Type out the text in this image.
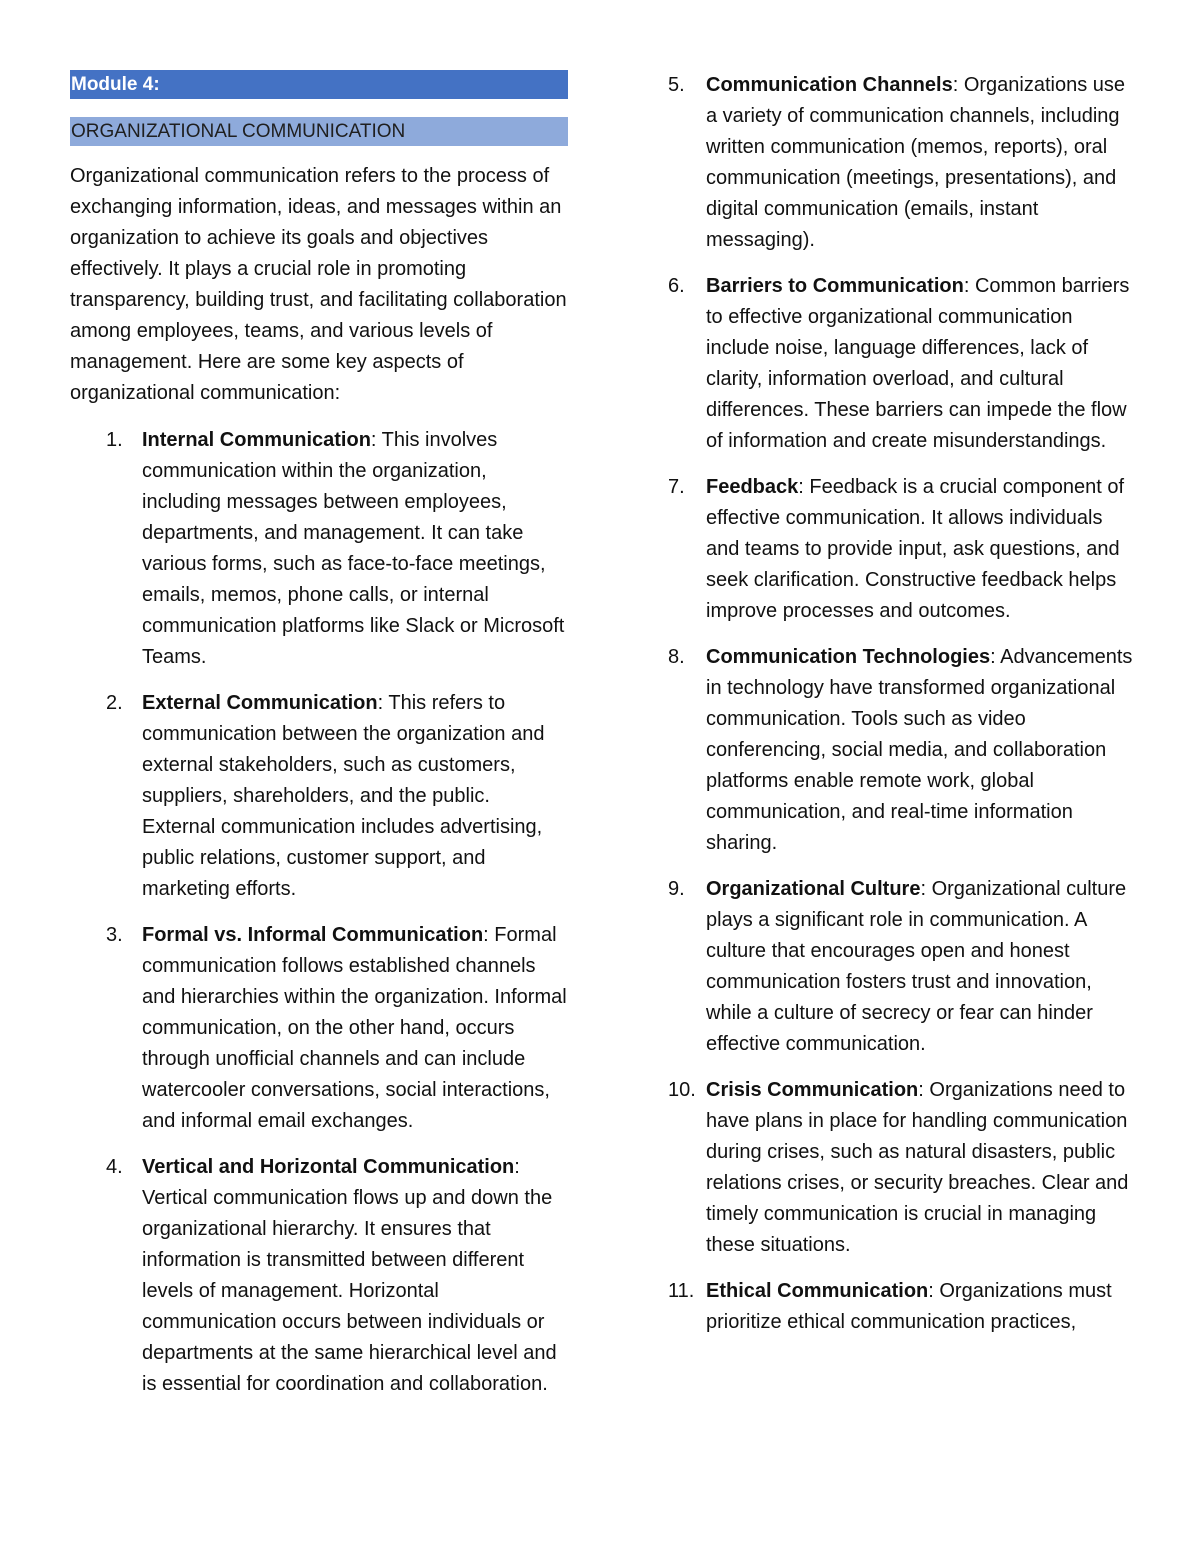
Module 4:
ORGANIZATIONAL COMMUNICATION

Organizational communication refers to the process of exchanging information, ideas, and messages within an organization to achieve its goals and objectives effectively. It plays a crucial role in promoting transparency, building trust, and facilitating collaboration among employees, teams, and various levels of management. Here are some key aspects of organizational communication:

1. Internal Communication: This involves communication within the organization, including messages between employees, departments, and management. It can take various forms, such as face-to-face meetings, emails, memos, phone calls, or internal communication platforms like Slack or Microsoft Teams.
2. External Communication: This refers to communication between the organization and external stakeholders, such as customers, suppliers, shareholders, and the public. External communication includes advertising, public relations, customer support, and marketing efforts.
3. Formal vs. Informal Communication: Formal communication follows established channels and hierarchies within the organization. Informal communication, on the other hand, occurs through unofficial channels and can include watercooler conversations, social interactions, and informal email exchanges.
4. Vertical and Horizontal Communication: Vertical communication flows up and down the organizational hierarchy. It ensures that information is transmitted between different levels of management. Horizontal communication occurs between individuals or departments at the same hierarchical level and is essential for coordination and collaboration.
5. Communication Channels: Organizations use a variety of communication channels, including written communication (memos, reports), oral communication (meetings, presentations), and digital communication (emails, instant messaging).
6. Barriers to Communication: Common barriers to effective organizational communication include noise, language differences, lack of clarity, information overload, and cultural differences. These barriers can impede the flow of information and create misunderstandings.
7. Feedback: Feedback is a crucial component of effective communication. It allows individuals and teams to provide input, ask questions, and seek clarification. Constructive feedback helps improve processes and outcomes.
8. Communication Technologies: Advancements in technology have transformed organizational communication. Tools such as video conferencing, social media, and collaboration platforms enable remote work, global communication, and real-time information sharing.
9. Organizational Culture: Organizational culture plays a significant role in communication. A culture that encourages open and honest communication fosters trust and innovation, while a culture of secrecy or fear can hinder effective communication.
10. Crisis Communication: Organizations need to have plans in place for handling communication during crises, such as natural disasters, public relations crises, or security breaches. Clear and timely communication is crucial in managing these situations.
11. Ethical Communication: Organizations must prioritize ethical communication practices,
